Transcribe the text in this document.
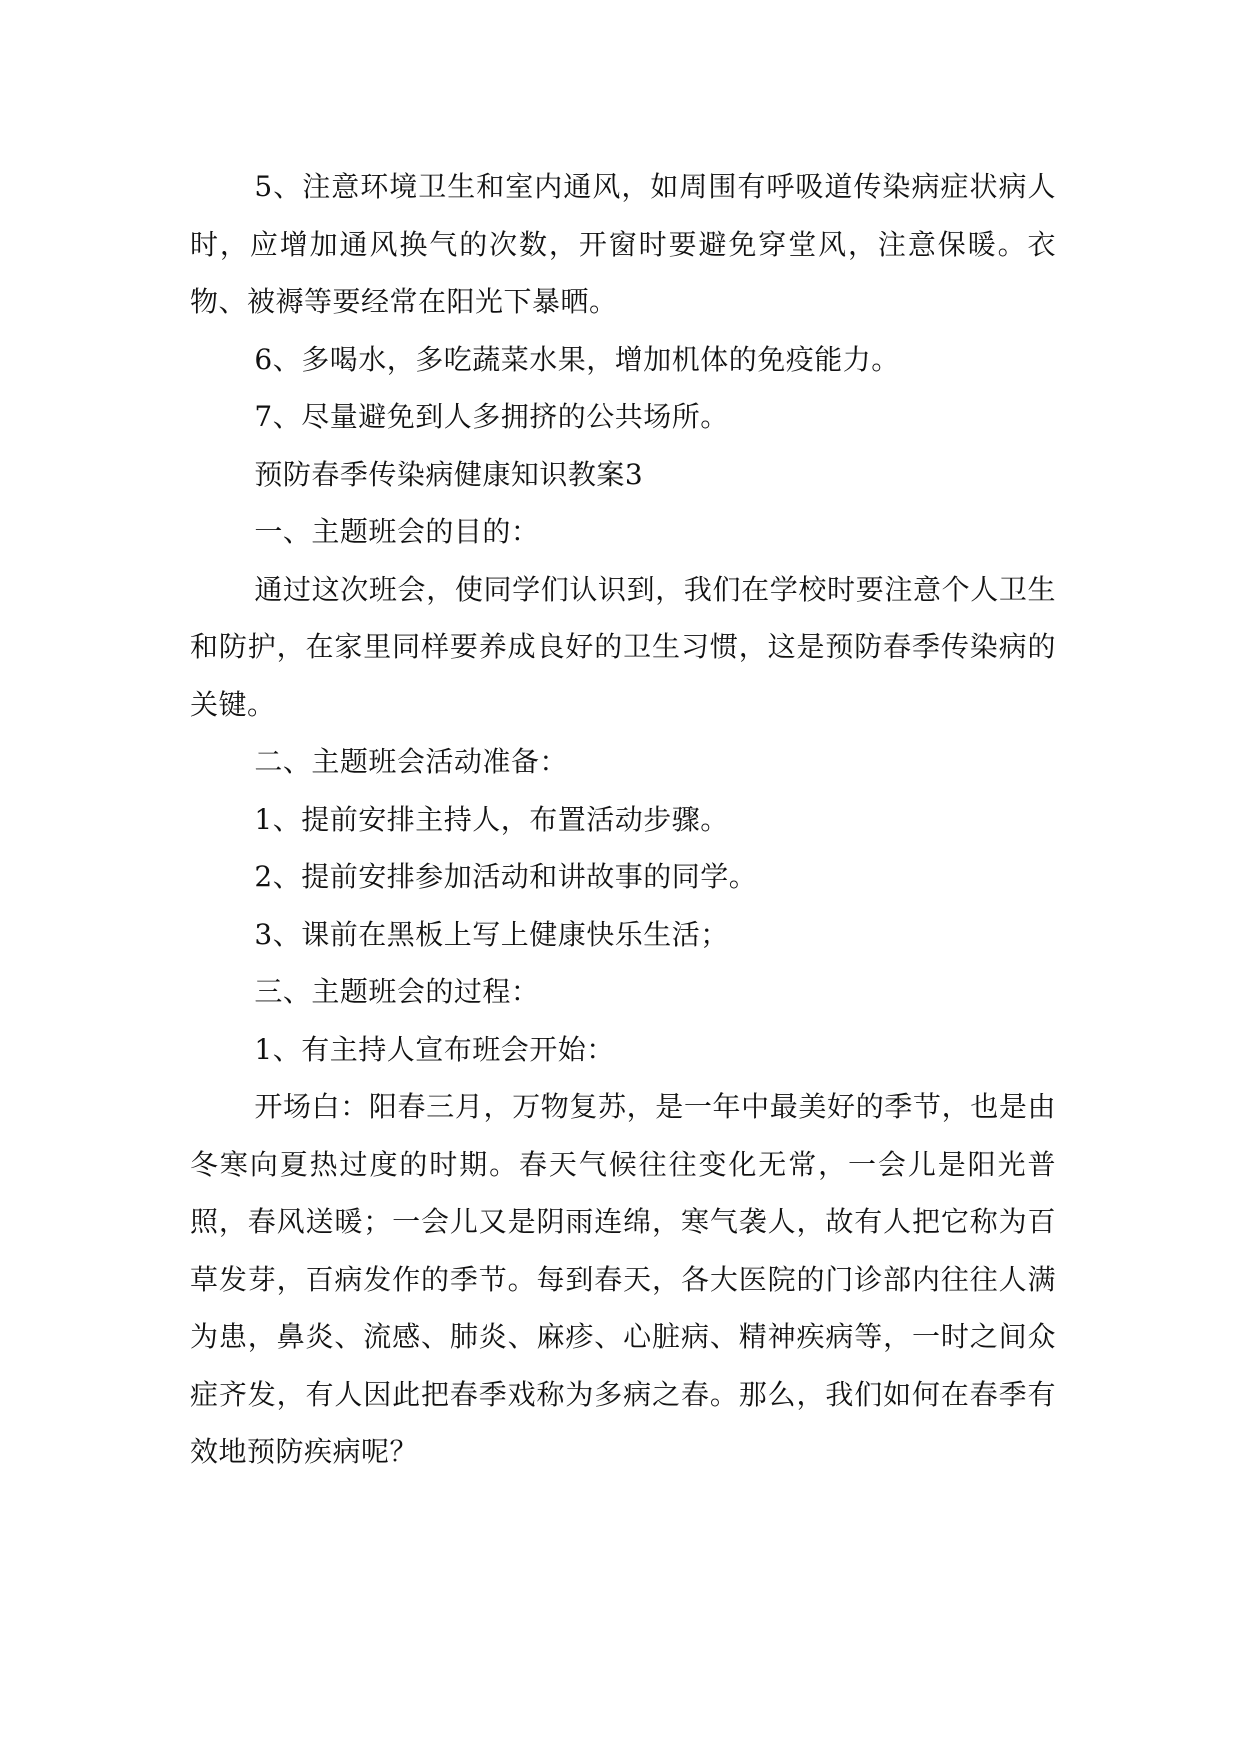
5、注意环境卫生和室内通风，如周围有呼吸道传染病症状病人时，应增加通风换气的次数，开窗时要避免穿堂风，注意保暖。衣物、被褥等要经常在阳光下暴晒。

6、多喝水，多吃蔬菜水果，增加机体的免疫能力。

7、尽量避免到人多拥挤的公共场所。

预防春季传染病健康知识教案3

一、主题班会的目的：

通过这次班会，使同学们认识到，我们在学校时要注意个人卫生和防护，在家里同样要养成良好的卫生习惯，这是预防春季传染病的关键。

二、主题班会活动准备：

1、提前安排主持人，布置活动步骤。

2、提前安排参加活动和讲故事的同学。

3、课前在黑板上写上健康快乐生活；

三、主题班会的过程：

1、有主持人宣布班会开始：

开场白：阳春三月，万物复苏，是一年中最美好的季节，也是由冬寒向夏热过度的时期。春天气候往往变化无常，一会儿是阳光普照，春风送暖；一会儿又是阴雨连绵，寒气袭人，故有人把它称为百草发芽，百病发作的季节。每到春天，各大医院的门诊部内往往人满为患，鼻炎、流感、肺炎、麻疹、心脏病、精神疾病等，一时之间众症齐发，有人因此把春季戏称为多病之春。那么，我们如何在春季有效地预防疾病呢？
